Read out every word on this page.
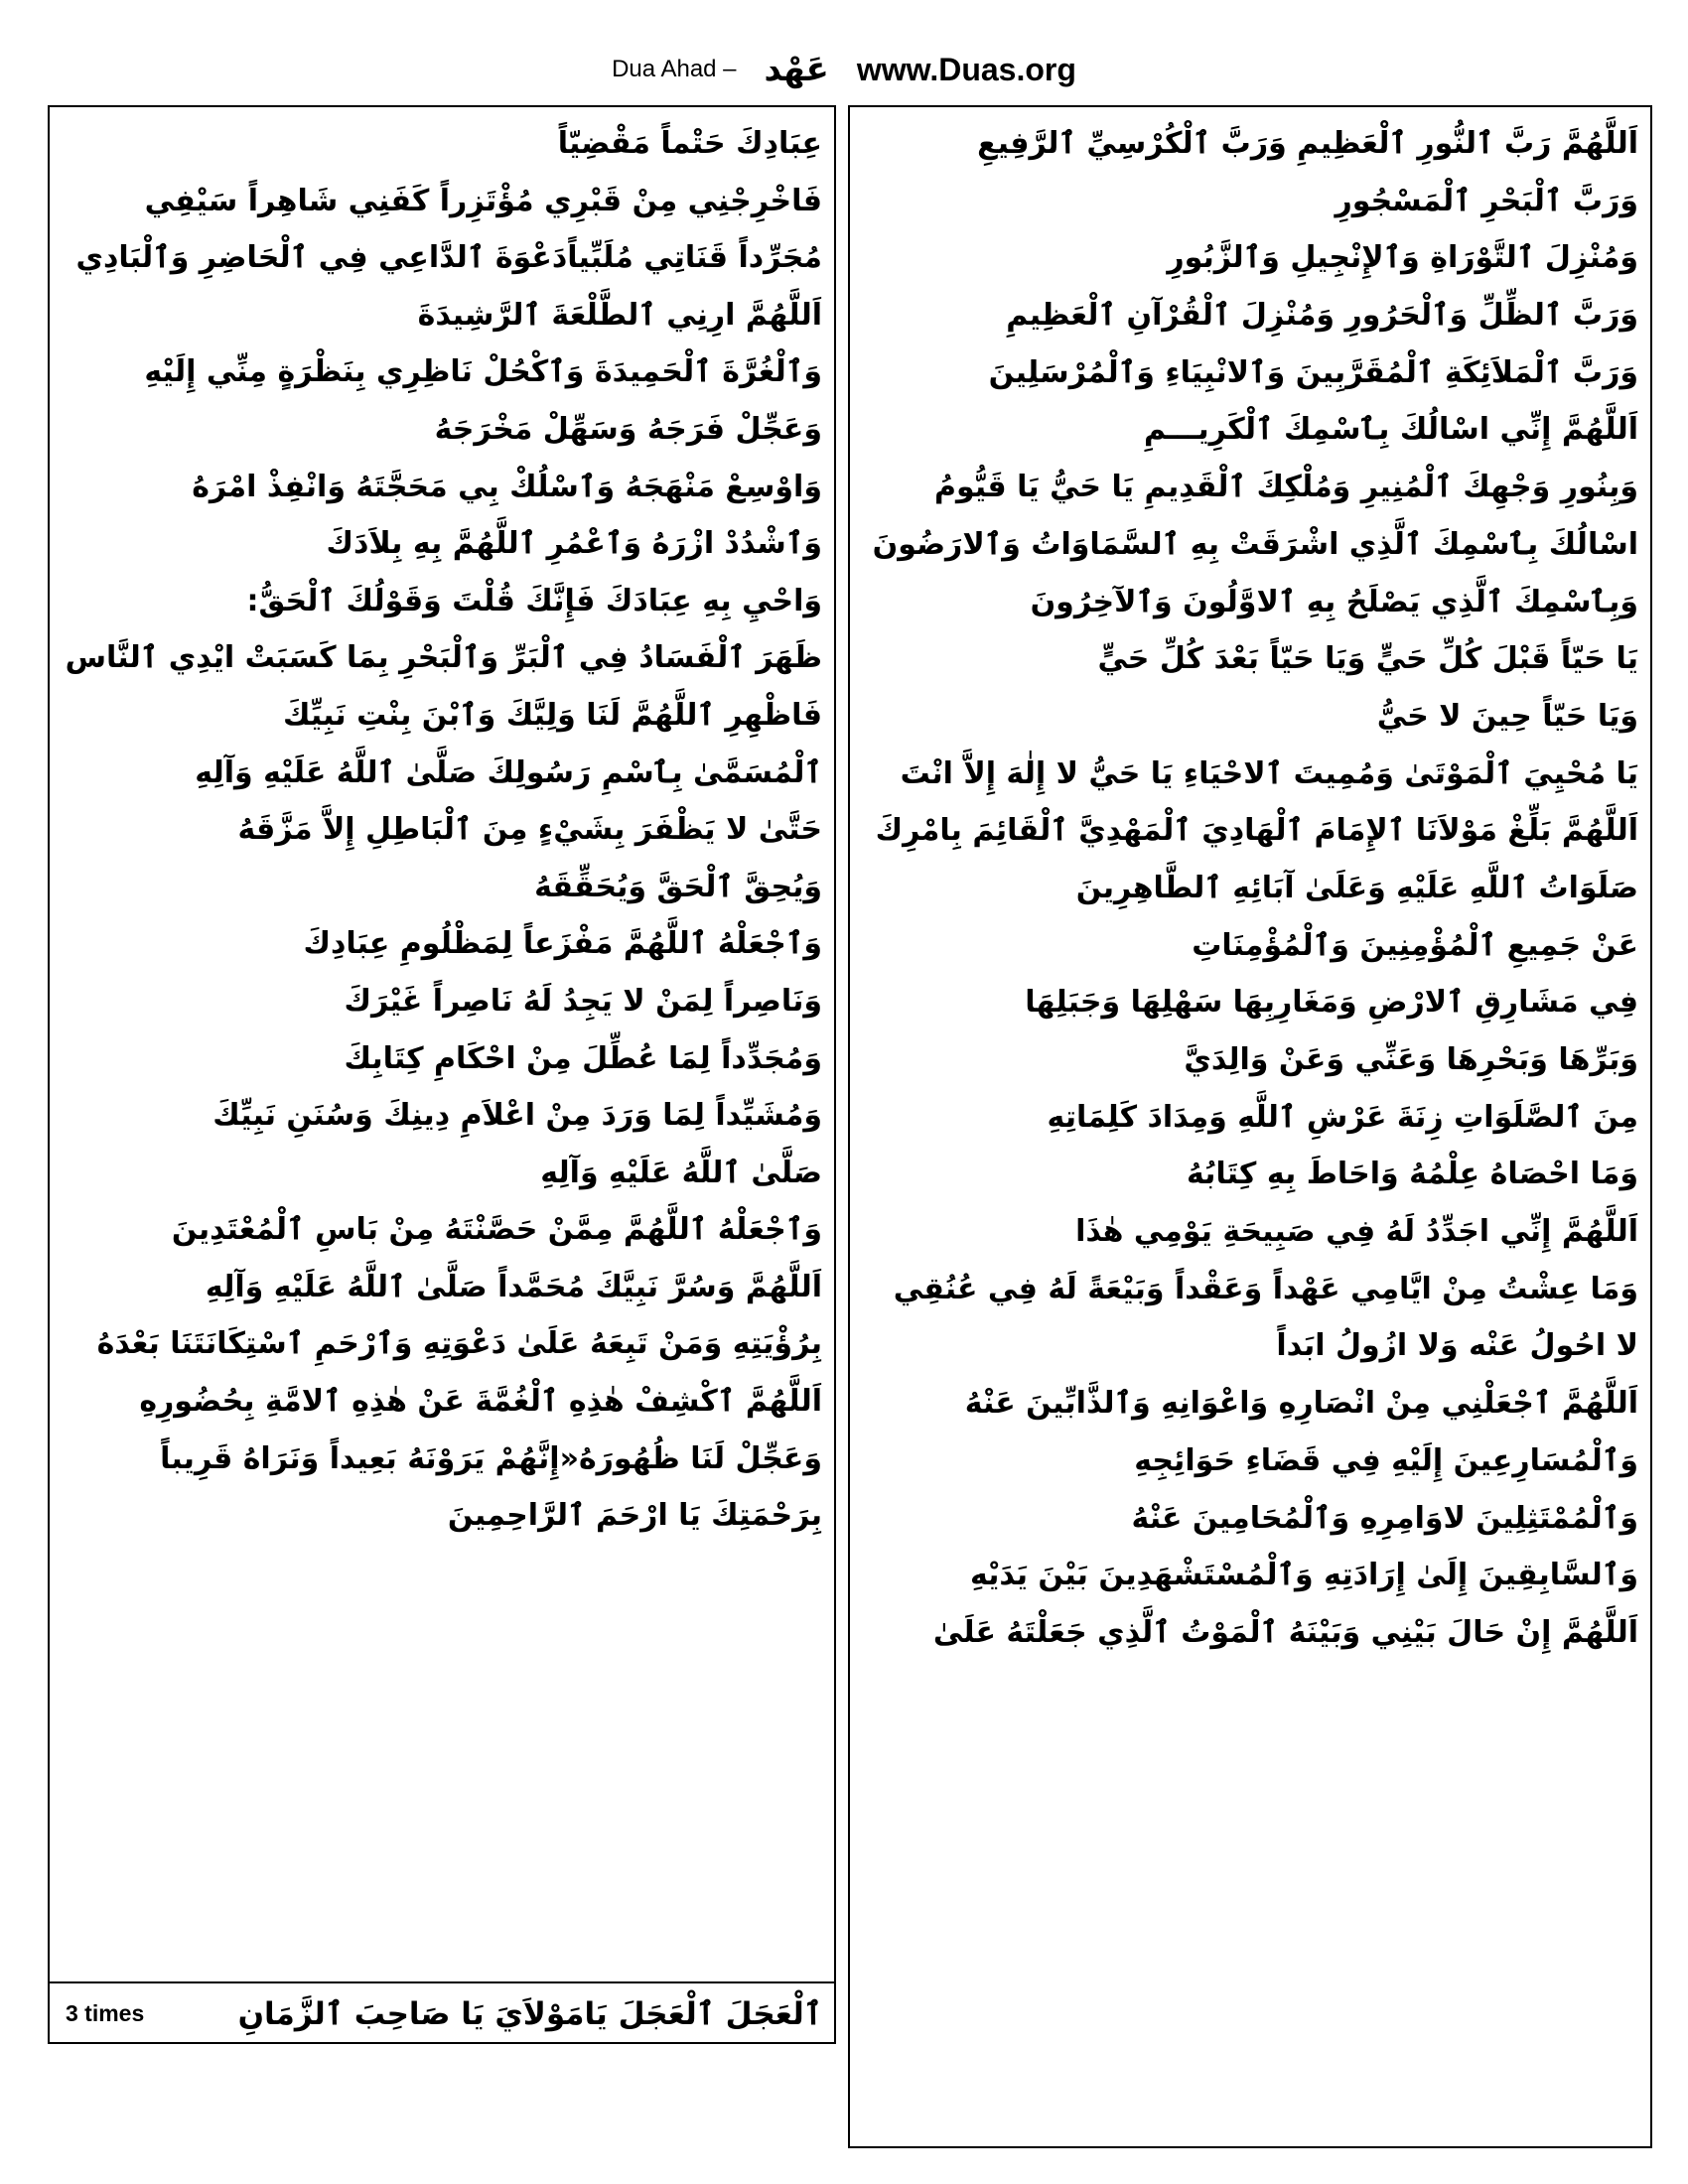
Dua Ahad – عَهْد www.Duas.org
اَللَّهُمَّ رَبَّ ٱلنُّورِ ٱلْعَظِيمِ وَرَبَّ ٱلْكُرْسِيِّ ٱلرَّفِيعِ
وَرَبَّ ٱلْبَحْرِ ٱلْمَسْجُورِ
وَمُنْزِلَ ٱلتَّوْرَاةِ وَٱلإِنْجِيلِ وَٱلزَّبُورِ
وَرَبَّ ٱلظِّلِّ وَٱلْحَرُورِ وَمُنْزِلَ ٱلْقُرْآنِ ٱلْعَظِيمِ
وَرَبَّ ٱلْمَلاَئِكَةِ ٱلْمُقَرَّبِينَ وَٱلانْبِيَاءِ وَٱلْمُرْسَلِينَ
اَللَّهُمَّ إِنِّي اسْالُكَ بِٱسْمِكَ ٱلْكَرِيـــمِ
وَبِنُورِ وَجْهِكَ ٱلْمُنِيرِ وَمُلْكِكَ ٱلْقَدِيمِ يَا حَيُّ يَا قَيُّومُ
اسْالُكَ بِٱسْمِكَ ٱلَّذِي اشْرَقَتْ بِهِ ٱلسَّمَاوَاتُ وَٱلارَضُونَ
وَبِٱسْمِكَ ٱلَّذِي يَصْلَحُ بِهِ ٱلاوَّلُونَ وَٱلآخِرُونَ
يَا حَيّاً قَبْلَ كُلِّ حَيٍّ وَيَا حَيّاً بَعْدَ كُلِّ حَيٍّ
وَيَا حَيّاً حِينَ لا حَيُّ
يَا مُحْيِيَ ٱلْمَوْتَىٰ وَمُمِيتَ ٱلاحْيَاءِ يَا حَيُّ لا إِلٰهَ إِلاَّ انْتَ
اَللَّهُمَّ بَلِّغْ مَوْلاَنَا ٱلإِمَامَ ٱلْهَادِيَ ٱلْمَهْدِيَّ ٱلْقَائِمَ بِامْرِكَ
صَلَوَاتُ ٱللَّهِ عَلَيْهِ وَعَلَىٰ آبَائِهِ ٱلطَّاهِرِينَ
عَنْ جَمِيعِ ٱلْمُؤْمِنِينَ وَٱلْمُؤْمِنَاتِ
فِي مَشَارِقِ ٱلارْضِ وَمَغَارِبِهَا سَهْلِهَا وَجَبَلِهَا
وَبَرِّهَا وَبَحْرِهَا وَعَنِّي وَعَنْ وَالِدَيَّ
مِنَ ٱلصَّلَوَاتِ زِنَةَ عَرْشِ ٱللَّهِ وَمِدَادَ كَلِمَاتِهِ
وَمَا احْصَاهُ عِلْمُهُ وَاحَاطَ بِهِ كِتَابُهُ
اَللَّهُمَّ إِنِّي اجَدِّدُ لَهُ فِي صَبِيحَةِ يَوْمِي هٰذَا
وَمَا عِشْتُ مِنْ ايَّامِي عَهْداً وَعَقْداً وَبَيْعَةً لَهُ فِي عُنُقِي
لا احُولُ عَنْه وَلا ازُولُ ابَداً
اَللَّهُمَّ ٱجْعَلْنِي مِنْ انْصَارِهِ وَاعْوَانِهِ وَٱلذَّابِّينَ عَنْهُ
وَٱلْمُسَارِعِينَ إِلَيْهِ فِي قَضَاءِ حَوَائِجِهِ
وَٱلْمُمْتَثِلِينَ لاوَامِرِهِ وَٱلْمُحَامِينَ عَنْهُ
وَٱلسَّابِقِينَ إِلَىٰ إِرَادَتِهِ وَٱلْمُسْتَشْهَدِينَ بَيْنَ يَدَيْهِ
اَللَّهُمَّ إِنْ حَالَ بَيْنِي وَبَيْنَهُ ٱلْمَوْتُ ٱلَّذِي جَعَلْتَهُ عَلَىٰ
عِبَادِكَ حَتْماً مَقْضِيّاً
فَاخْرِجْنِي مِنْ قَبْرِي مُؤْتَزِراً كَفَنِي شَاهِراً سَيْفِي
مُجَرِّداً قَنَاتِي مُلَبِّياًدَعْوَةَ ٱلدَّاعِي فِي ٱلْحَاضِرِ وَٱلْبَادِي
اَللَّهُمَّ ارِنِي ٱلطَّلْعَةَ ٱلرَّشِيدَةَ
وَٱلْغُرَّةَ ٱلْحَمِيدَةَ وَٱكْحُلْ نَاظِرِي بِنَظْرَةٍ مِنِّي إِلَيْهِ
وَعَجِّلْ فَرَجَهُ وَسَهِّلْ مَخْرَجَهُ
وَاوْسِعْ مَنْهَجَهُ وَٱسْلُكْ بِي مَحَجَّتَهُ وَانْفِذْ امْرَهُ
وَٱشْدُدْ ازْرَهُ وَٱعْمُرِ ٱللَّهُمَّ بِهِ بِلاَدَكَ
وَاحْيِ بِهِ عِبَادَكَ فَإِنَّكَ قُلْتَ وَقَوْلُكَ ٱلْحَقُّ:
ظَهَرَ ٱلْفَسَادُ فِي ٱلْبَرِّ وَٱلْبَحْرِ بِمَا كَسَبَتْ ايْدِي ٱلنَّاس
فَاظْهِرِ ٱللَّهُمَّ لَنَا وَلِيَّكَ وَٱبْنَ بِنْتِ نَبِيِّكَ
ٱلْمُسَمَّىٰ بِٱسْمِ رَسُولِكَ صَلَّىٰ ٱللَّهُ عَلَيْهِ وَآلِهِ
حَتَّىٰ لا يَظْفَرَ بِشَيْءٍ مِنَ ٱلْبَاطِلِ إِلاَّ مَزَّقَهُ
وَيُحِقَّ ٱلْحَقَّ وَيُحَقِّقَهُ
وَٱجْعَلْهُ ٱللَّهُمَّ مَفْزَعاً لِمَظْلُومِ عِبَادِكَ
وَنَاصِراً لِمَنْ لا يَجِدُ لَهُ نَاصِراً غَيْرَكَ
وَمُجَدِّداً لِمَا عُطِّلَ مِنْ احْكَامِ كِتَابِكَ
وَمُشَيِّداً لِمَا وَرَدَ مِنْ اعْلاَمِ دِينِكَ وَسُنَنِ نَبِيِّكَ
صَلَّىٰ ٱللَّهُ عَلَيْهِ وَآلِهِ
وَٱجْعَلْهُ ٱللَّهُمَّ مِمَّنْ حَصَّنْتَهُ مِنْ بَاسِ ٱلْمُعْتَدِينَ
اَللَّهُمَّ وَسُرَّ نَبِيَّكَ مُحَمَّداً صَلَّىٰ ٱللَّهُ عَلَيْهِ وَآلِهِ
بِرُؤْيَتِهِ وَمَنْ تَبِعَهُ عَلَىٰ دَعْوَتِهِ وَٱرْحَمِ ٱسْتِكَانَتَنَا بَعْدَهُ
اَللَّهُمَّ ٱكْشِفْ هٰذِهِ ٱلْغُمَّةَ عَنْ هٰذِهِ ٱلامَّةِ بِحُضُورِهِ
وَعَجِّلْ لَنَا ظُهُورَهُ«إِنَّهُمْ يَرَوْنَهُ بَعِيداً وَنَرَاهُ قَرِيباً
بِرَحْمَتِكَ يَا ارْحَمَ ٱلرَّاحِمِينَ
3 times	ٱلْعَجَلَ ٱلْعَجَلَ يَامَوْلاَيَ يَا صَاحِبَ ٱلزَّمَانِ
